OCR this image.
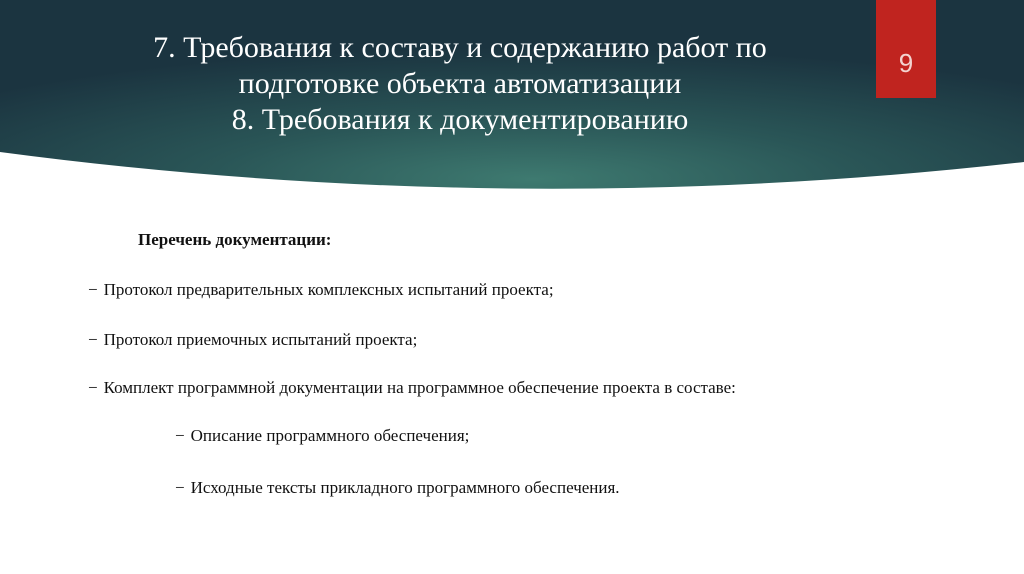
7. Требования к составу и содержанию работ по
подготовке объекта автоматизации
8. Требования к документированию
9
Перечень документации:
− Протокол предварительных комплексных испытаний проекта;
− Протокол приемочных испытаний проекта;
− Комплект программной документации на программное обеспечение проекта в составе:
− Описание программного обеспечения;
− Исходные тексты прикладного программного обеспечения.
